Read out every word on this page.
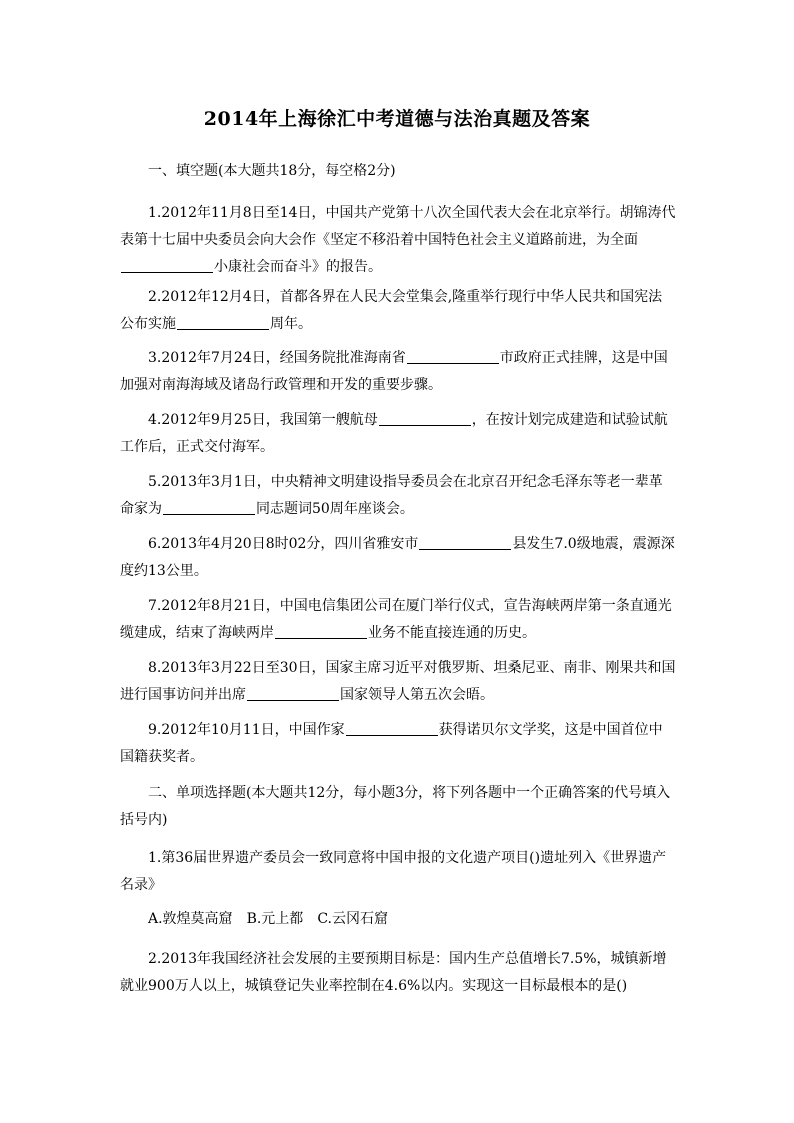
2014年上海徐汇中考道德与法治真题及答案

一、填空题(本大题共18分，每空格2分)

1.2012年11月8日至14日，中国共产党第十八次全国代表大会在北京举行。胡锦涛代表第十七届中央委员会向大会作《坚定不移沿着中国特色社会主义道路前进，为全面小康社会而奋斗》的报告。

2.2012年12月4日，首都各界在人民大会堂集会,隆重举行现行中华人民共和国宪法公布实施	周年。

3.2012年7月24日，经国务院批准海南省	市政府正式挂牌，这是中国加强对南海海域及诸岛行政管理和开发的重要步骤。

4.2012年9月25日，我国第一艘航母	，在按计划完成建造和试验试航工作后，正式交付海军。

5.2013年3月1日，中央精神文明建设指导委员会在北京召开纪念毛泽东等老一辈革命家为	同志题词50周年座谈会。

6.2013年4月20日8时02分，四川省雅安市	县发生7.0级地震，震源深度约13公里。

7.2012年8月21日，中国电信集团公司在厦门举行仪式，宣告海峡两岸第一条直通光缆建成，结束了海峡两岸	业务不能直接连通的历史。

8.2013年3月22日至30日，国家主席习近平对俄罗斯、坦桑尼亚、南非、刚果共和国进行国事访问并出席	国家领导人第五次会晤。

9.2012年10月11日，中国作家	获得诺贝尔文学奖，这是中国首位中国籍获奖者。

二、单项选择题(本大题共12分，每小题3分，将下列各题中一个正确答案的代号填入括号内)

1.第36届世界遗产委员会一致同意将中国申报的文化遗产项目()遗址列入《世界遗产名录》

A.敦煌莫高窟 B.元上都 C.云冈石窟

2.2013年我国经济社会发展的主要预期目标是：国内生产总值增长7.5%，城镇新增就业900万人以上，城镇登记失业率控制在4.6%以内。实现这一目标最根本的是()
